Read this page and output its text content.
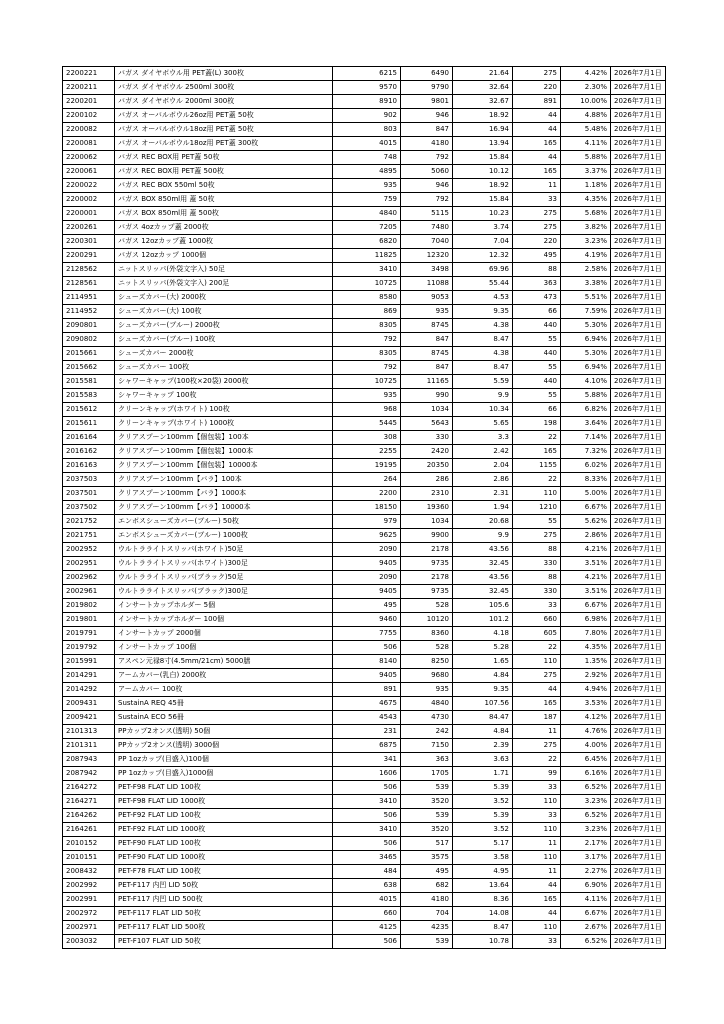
2200221	バガス ダイヤボウル用 PET蓋(L) 300枚	6215	6490	21.64	275	4.42%	2026年7月1日
2200211	バガス ダイヤボウル 2500ml 300枚	9570	9790	32.64	220	2.30%	2026年7月1日
2200201	バガス ダイヤボウル 2000ml 300枚	8910	9801	32.67	891	10.00%	2026年7月1日
2200102	バガス オーバルボウル26oz用 PET蓋 50枚	902	946	18.92	44	4.88%	2026年7月1日
2200082	バガス オーバルボウル18oz用 PET蓋 50枚	803	847	16.94	44	5.48%	2026年7月1日
2200081	バガス オーバルボウル18oz用 PET蓋 300枚	4015	4180	13.94	165	4.11%	2026年7月1日
2200062	バガス REC BOX用 PET蓋 50枚	748	792	15.84	44	5.88%	2026年7月1日
2200061	バガス REC BOX用 PET蓋 500枚	4895	5060	10.12	165	3.37%	2026年7月1日
2200022	バガス REC BOX 550ml 50枚	935	946	18.92	11	1.18%	2026年7月1日
2200002	バガス BOX 850ml用 蓋 50枚	759	792	15.84	33	4.35%	2026年7月1日
2200001	バガス BOX 850ml用 蓋 500枚	4840	5115	10.23	275	5.68%	2026年7月1日
2200261	バガス 4ozカップ蓋 2000枚	7205	7480	3.74	275	3.82%	2026年7月1日
2200301	バガス 12ozカップ蓋 1000枚	6820	7040	7.04	220	3.23%	2026年7月1日
2200291	バガス 12ozカップ 1000個	11825	12320	12.32	495	4.19%	2026年7月1日
2128562	ニットスリッパ(外袋文字入) 50足	3410	3498	69.96	88	2.58%	2026年7月1日
2128561	ニットスリッパ(外袋文字入) 200足	10725	11088	55.44	363	3.38%	2026年7月1日
2114951	シューズカバー(大) 2000枚	8580	9053	4.53	473	5.51%	2026年7月1日
2114952	シューズカバー(大) 100枚	869	935	9.35	66	7.59%	2026年7月1日
2090801	シューズカバー(ブルー) 2000枚	8305	8745	4.38	440	5.30%	2026年7月1日
2090802	シューズカバー(ブルー) 100枚	792	847	8.47	55	6.94%	2026年7月1日
2015661	シューズカバー 2000枚	8305	8745	4.38	440	5.30%	2026年7月1日
2015662	シューズカバー 100枚	792	847	8.47	55	6.94%	2026年7月1日
2015581	シャワーキャップ(100枚×20袋) 2000枚	10725	11165	5.59	440	4.10%	2026年7月1日
2015583	シャワーキャップ 100枚	935	990	9.9	55	5.88%	2026年7月1日
2015612	クリーンキャップ(ホワイト) 100枚	968	1034	10.34	66	6.82%	2026年7月1日
2015611	クリーンキャップ(ホワイト) 1000枚	5445	5643	5.65	198	3.64%	2026年7月1日
2016164	クリアスプーン100mm【個包装】100本	308	330	3.3	22	7.14%	2026年7月1日
2016162	クリアスプーン100mm【個包装】1000本	2255	2420	2.42	165	7.32%	2026年7月1日
2016163	クリアスプーン100mm【個包装】10000本	19195	20350	2.04	1155	6.02%	2026年7月1日
2037503	クリアスプーン100mm【バラ】100本	264	286	2.86	22	8.33%	2026年7月1日
2037501	クリアスプーン100mm【バラ】1000本	2200	2310	2.31	110	5.00%	2026年7月1日
2037502	クリアスプーン100mm【バラ】10000本	18150	19360	1.94	1210	6.67%	2026年7月1日
2021752	エンボスシューズカバー(ブルー) 50枚	979	1034	20.68	55	5.62%	2026年7月1日
2021751	エンボスシューズカバー(ブルー) 1000枚	9625	9900	9.9	275	2.86%	2026年7月1日
2002952	ウルトラライトスリッパ(ホワイト)50足	2090	2178	43.56	88	4.21%	2026年7月1日
2002951	ウルトラライトスリッパ(ホワイト)300足	9405	9735	32.45	330	3.51%	2026年7月1日
2002962	ウルトラライトスリッパ(ブラック)50足	2090	2178	43.56	88	4.21%	2026年7月1日
2002961	ウルトラライトスリッパ(ブラック)300足	9405	9735	32.45	330	3.51%	2026年7月1日
2019802	インサートカップホルダー 5個	495	528	105.6	33	6.67%	2026年7月1日
2019801	インサートカップホルダー 100個	9460	10120	101.2	660	6.98%	2026年7月1日
2019791	インサートカップ 2000個	7755	8360	4.18	605	7.80%	2026年7月1日
2019792	インサートカップ 100個	506	528	5.28	22	4.35%	2026年7月1日
2015991	アスペン元禄8寸(4.5mm/21cm) 5000膳	8140	8250	1.65	110	1.35%	2026年7月1日
2014291	アームカバー(乳白) 2000枚	9405	9680	4.84	275	2.92%	2026年7月1日
2014292	アームカバー 100枚	891	935	9.35	44	4.94%	2026年7月1日
2009431	SustainA REQ 45冊	4675	4840	107.56	165	3.53%	2026年7月1日
2009421	SustainA ECO 56冊	4543	4730	84.47	187	4.12%	2026年7月1日
2101313	PPカップ2オンス(透明) 50個	231	242	4.84	11	4.76%	2026年7月1日
2101311	PPカップ2オンス(透明) 3000個	6875	7150	2.39	275	4.00%	2026年7月1日
2087943	PP 1ozカップ(目盛入)100個	341	363	3.63	22	6.45%	2026年7月1日
2087942	PP 1ozカップ(目盛入)1000個	1606	1705	1.71	99	6.16%	2026年7月1日
2164272	PET-F98 FLAT LID 100枚	506	539	5.39	33	6.52%	2026年7月1日
2164271	PET-F98 FLAT LID 1000枚	3410	3520	3.52	110	3.23%	2026年7月1日
2164262	PET-F92 FLAT LID 100枚	506	539	5.39	33	6.52%	2026年7月1日
2164261	PET-F92 FLAT LID 1000枚	3410	3520	3.52	110	3.23%	2026年7月1日
2010152	PET-F90 FLAT LID 100枚	506	517	5.17	11	2.17%	2026年7月1日
2010151	PET-F90 FLAT LID 1000枚	3465	3575	3.58	110	3.17%	2026年7月1日
2008432	PET-F78 FLAT LID 100枚	484	495	4.95	11	2.27%	2026年7月1日
2002992	PET-F117 内凹 LID 50枚	638	682	13.64	44	6.90%	2026年7月1日
2002991	PET-F117 内凹 LID 500枚	4015	4180	8.36	165	4.11%	2026年7月1日
2002972	PET-F117 FLAT LID 50枚	660	704	14.08	44	6.67%	2026年7月1日
2002971	PET-F117 FLAT LID 500枚	4125	4235	8.47	110	2.67%	2026年7月1日
2003032	PET-F107 FLAT LID 50枚	506	539	10.78	33	6.52%	2026年7月1日
